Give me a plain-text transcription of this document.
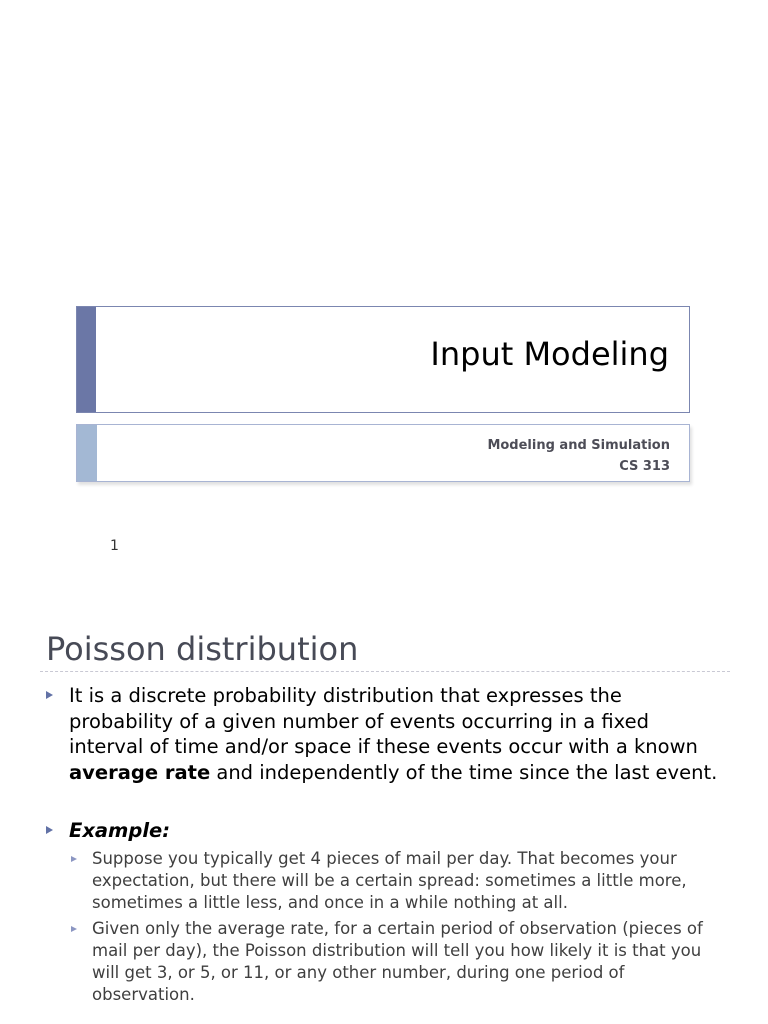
Input Modeling
Modeling and Simulation
CS 313
1
Poisson distribution
It is a discrete probability distribution that expresses the probability of a given number of events occurring in a fixed interval of time and/or space if these events occur with a known average rate and independently of the time since the last event.
Example:
Suppose you typically get 4 pieces of mail per day. That becomes your expectation, but there will be a certain spread: sometimes a little more, sometimes a little less, and once in a while nothing at all.
Given only the average rate, for a certain period of observation (pieces of mail per day), the Poisson distribution will tell you how likely it is that you will get 3, or 5, or 11, or any other number, during one period of observation.
